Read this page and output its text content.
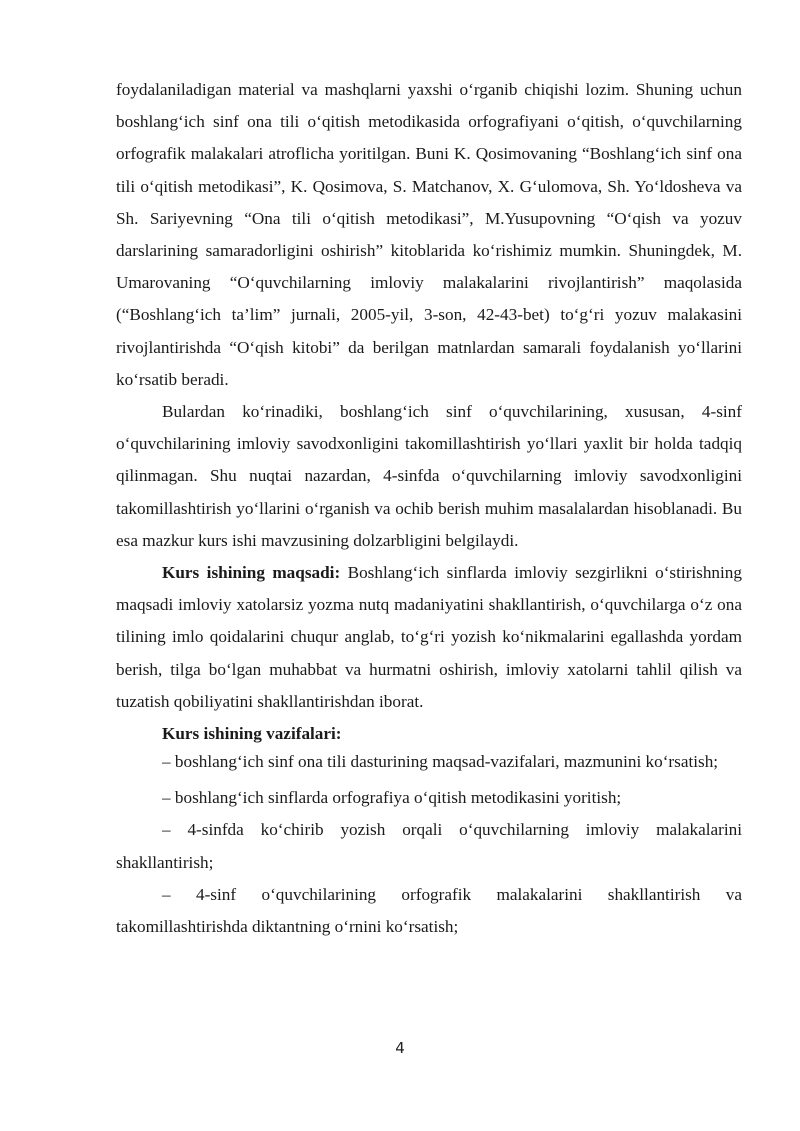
foydalaniladigan material va mashqlarni yaxshi o‘rganib chiqishi lozim. Shuning uchun boshlang‘ich sinf ona tili o‘qitish metodikasida orfografiyani o‘qitish, o‘quvchilarning orfografik malakalari atroflicha yoritilgan. Buni K. Qosimovaning “Boshlang‘ich sinf ona tili o‘qitish metodikasi”, K. Qosimova, S. Matchanov, X. G‘ulomova, Sh. Yo‘ldosheva va Sh. Sariyevning “Ona tili o‘qitish metodikasi”, M.Yusupovning “O‘qish va yozuv darslarining samaradorligini oshirish” kitoblarida ko‘rishimiz mumkin. Shuningdek, M. Umarovaning “O‘quvchilarning imloviy malakalarini rivojlantirish” maqolasida (“Boshlang‘ich ta’lim” jurnali, 2005-yil, 3-son, 42-43-bet) to‘g‘ri yozuv malakasini rivojlantirishda “O‘qish kitobi” da berilgan matnlardan samarali foydalanish yo‘llarini ko‘rsatib beradi.

Bulardan ko‘rinadiki, boshlang‘ich sinf o‘quvchilarining, xususan, 4-sinf o‘quvchilarining imloviy savodxonligini takomillashtirish yo‘llari yaxlit bir holda tadqiq qilinmagan. Shu nuqtai nazardan, 4-sinfda o‘quvchilarning imloviy savodxonligini takomillashtirish yo‘llarini o‘rganish va ochib berish muhim masalalardan hisoblanadi. Bu esa mazkur kurs ishi mavzusining dolzarbligini belgilaydi.

Kurs ishining maqsadi: Boshlang‘ich sinflarda imloviy sezgirlikni o‘stirishning maqsadi imloviy xatolarsiz yozma nutq madaniyatini shakllantirish, o‘quvchilarga o‘z ona tilining imlo qoidalarini chuqur anglab, to‘g‘ri yozish ko‘nikmalarini egallashda yordam berish, tilga bo‘lgan muhabbat va hurmatni oshirish, imloviy xatolarni tahlil qilish va tuzatish qobiliyatini shakllantirishdan iborat.

Kurs ishining vazifalari:

– boshlang‘ich sinf ona tili dasturining maqsad-vazifalari, mazmunini ko‘rsatish;

– boshlang‘ich sinflarda orfografiya o‘qitish metodikasini yoritish;

– 4-sinfda ko‘chirib yozish orqali o‘quvchilarning imloviy malakalarini shakllantirish;

– 4-sinf o‘quvchilarining orfografik malakalarini shakllantirish va takomillashtirishda diktantning o‘rnini ko‘rsatish;

4
